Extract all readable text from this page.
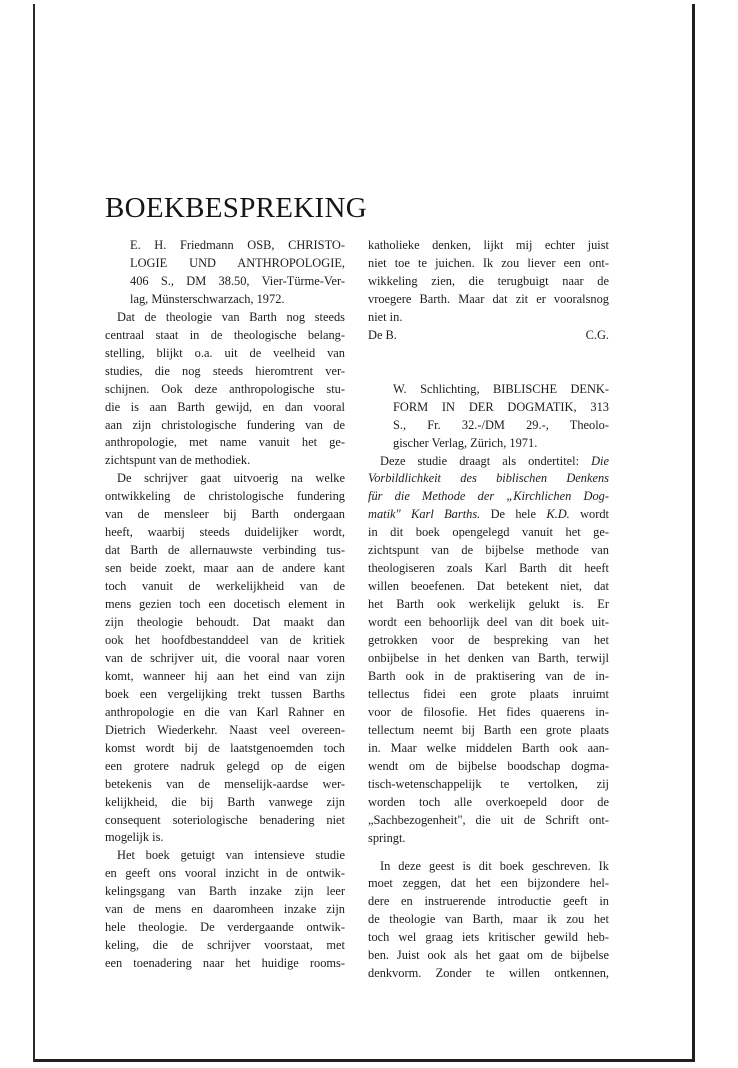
BOEKBESPREKING
E. H. Friedmann OSB, CHRISTO-
LOGIE UND ANTHROPOLOGIE,
406 S., DM 38.50, Vier-Türme-Ver-
lag, Münsterschwarzach, 1972.
Dat de theologie van Barth nog steeds
centraal staat in de theologische belang-
stelling, blijkt o.a. uit de veelheid van
studies, die nog steeds hieromtrent ver-
schijnen. Ook deze anthropologische stu-
die is aan Barth gewijd, en dan vooral
aan zijn christologische fundering van de
anthropologie, met name vanuit het ge-
zichtspunt van de methodiek.
De schrijver gaat uitvoerig na welke
ontwikkeling de christologische fundering
van de mensleer bij Barth ondergaan
heeft, waarbij steeds duidelijker wordt,
dat Barth de allernauwste verbinding tus-
sen beide zoekt, maar aan de andere kant
toch vanuit de werkelijkheid van de
mens gezien toch een docetisch element in
zijn theologie behoudt. Dat maakt dan
ook het hoofdbestanddeel van de kritiek
van de schrijver uit, die vooral naar voren
komt, wanneer hij aan het eind van zijn
boek een vergelijking trekt tussen Barths
anthropologie en die van Karl Rahner en
Dietrich Wiederkehr. Naast veel overeen-
komst wordt bij de laatstgenoemden toch
een grotere nadruk gelegd op de eigen
betekenis van de menselijk-aardse wer-
kelijkheid, die bij Barth vanwege zijn
consequent soteriologische benadering niet
mogelijk is.
Het boek getuigt van intensieve studie
en geeft ons vooral inzicht in de ontwik-
kelingsgang van Barth inzake zijn leer
van de mens en daaromheen inzake zijn
hele theologie. De verdergaande ontwik-
keling, die de schrijver voorstaat, met
een toenadering naar het huidige rooms-
katholieke denken, lijkt mij echter juist
niet toe te juichen. Ik zou liever een ont-
wikkeling zien, die terugbuigt naar de
vroegere Barth. Maar dat zit er vooralsnog
niet in.
De B.	C.G.
W. Schlichting, BIBLISCHE DENK-
FORM IN DER DOGMATIK, 313
S., Fr. 32.-/DM 29.-, Theolo-
gischer Verlag, Zürich, 1971.
Deze studie draagt als ondertitel: Die
Vorbildlichkeit des biblischen Denkens
für die Methode der „Kirchlichen Dog-
matik" Karl Barths. De hele K.D. wordt
in dit boek opengelegd vanuit het ge-
zichtspunt van de bijbelse methode van
theologiseren zoals Karl Barth dit heeft
willen beoefenen. Dat betekent niet, dat
het Barth ook werkelijk gelukt is. Er
wordt een behoorlijk deel van dit boek uit-
getrokken voor de bespreking van het
onbijbelse in het denken van Barth, terwijl
Barth ook in de praktisering van de in-
tellectus fidei een grote plaats inruimt
voor de filosofie. Het fides quaerens in-
tellectum neemt bij Barth een grote plaats
in. Maar welke middelen Barth ook aan-
wendt om de bijbelse boodschap dogma-
tisch-wetenschappelijk te vertolken, zij
worden toch alle overkoepeld door de
„Sachbezogenheit", die uit de Schrift ont-
springt.
In deze geest is dit boek geschreven. Ik
moet zeggen, dat het een bijzondere hel-
dere en instruerende introductie geeft in
de theologie van Barth, maar ik zou het
toch wel graag iets kritischer gewild heb-
ben. Juist ook als het gaat om de bijbelse
denkvorm. Zonder te willen ontkennen,
